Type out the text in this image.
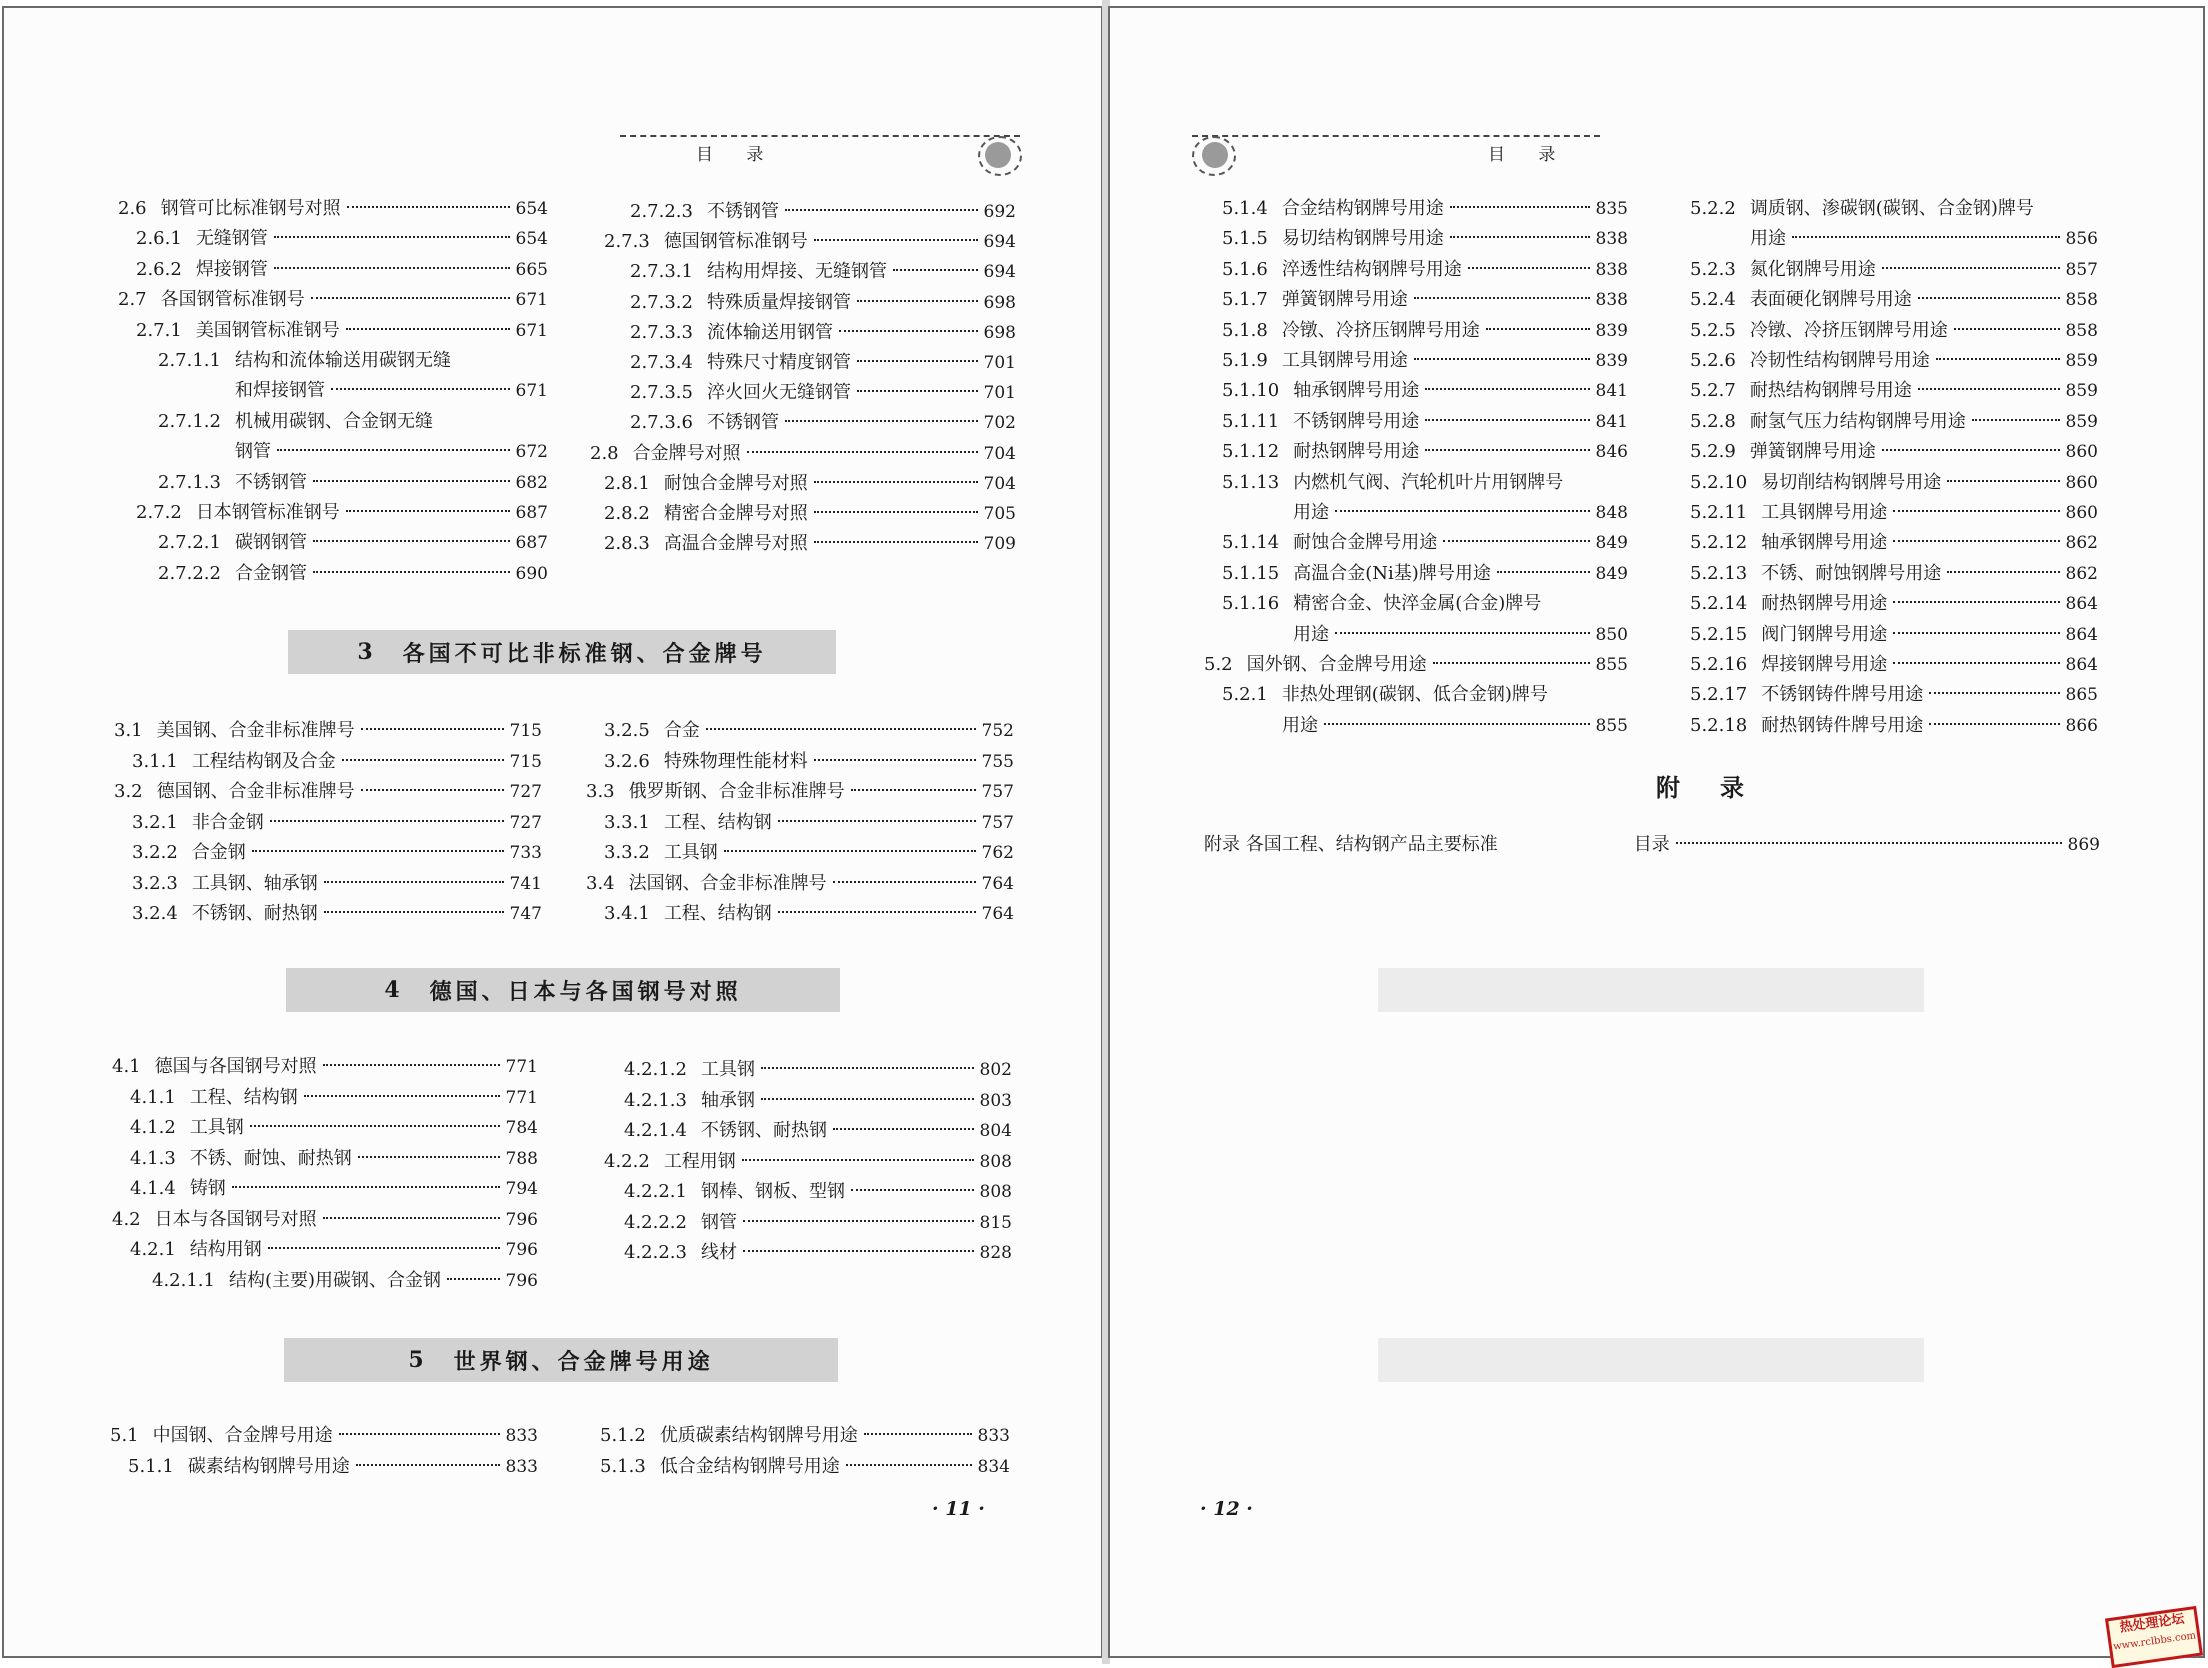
目 录	目 录
3 各国不可比非标准钢、合金牌号
4 德国、日本与各国钢号对照
5 世界钢、合金牌号用途
附录
附录 各国工程、结构钢产品主要标准	目录	869
· 11 ·	· 12 ·
热处理论坛
www.rclbbs.com
2.6 钢管可比标准钢号对照	654
2.6.1 无缝钢管	654
2.6.2 焊接钢管	665
2.7 各国钢管标准钢号	671
2.7.1 美国钢管标准钢号	671
2.7.1.1 结构和流体输送用碳钢无缝
和焊接钢管	671
2.7.1.2 机械用碳钢、合金钢无缝
钢管	672
2.7.1.3 不锈钢管	682
2.7.2 日本钢管标准钢号	687
2.7.2.1 碳钢钢管	687
2.7.2.2 合金钢管	690
2.7.2.3 不锈钢管	692
2.7.3 德国钢管标准钢号	694
2.7.3.1 结构用焊接、无缝钢管	694
2.7.3.2 特殊质量焊接钢管	698
2.7.3.3 流体输送用钢管	698
2.7.3.4 特殊尺寸精度钢管	701
2.7.3.5 淬火回火无缝钢管	701
2.7.3.6 不锈钢管	702
2.8 合金牌号对照	704
2.8.1 耐蚀合金牌号对照	704
2.8.2 精密合金牌号对照	705
2.8.3 高温合金牌号对照	709
3.1 美国钢、合金非标准牌号	715
3.1.1 工程结构钢及合金	715
3.2 德国钢、合金非标准牌号	727
3.2.1 非合金钢	727
3.2.2 合金钢	733
3.2.3 工具钢、轴承钢	741
3.2.4 不锈钢、耐热钢	747
3.2.5 合金	752
3.2.6 特殊物理性能材料	755
3.3 俄罗斯钢、合金非标准牌号	757
3.3.1 工程、结构钢	757
3.3.2 工具钢	762
3.4 法国钢、合金非标准牌号	764
3.4.1 工程、结构钢	764
4.1 德国与各国钢号对照	771
4.1.1 工程、结构钢	771
4.1.2 工具钢	784
4.1.3 不锈、耐蚀、耐热钢	788
4.1.4 铸钢	794
4.2 日本与各国钢号对照	796
4.2.1 结构用钢	796
4.2.1.1 结构(主要)用碳钢、合金钢	796
4.2.1.2 工具钢	802
4.2.1.3 轴承钢	803
4.2.1.4 不锈钢、耐热钢	804
4.2.2 工程用钢	808
4.2.2.1 钢棒、钢板、型钢	808
4.2.2.2 钢管	815
4.2.2.3 线材	828
5.1 中国钢、合金牌号用途	833
5.1.1 碳素结构钢牌号用途	833
5.1.2 优质碳素结构钢牌号用途	833
5.1.3 低合金结构钢牌号用途	834
5.1.4 合金结构钢牌号用途	835
5.1.5 易切结构钢牌号用途	838
5.1.6 淬透性结构钢牌号用途	838
5.1.7 弹簧钢牌号用途	838
5.1.8 冷镦、冷挤压钢牌号用途	839
5.1.9 工具钢牌号用途	839
5.1.10 轴承钢牌号用途	841
5.1.11 不锈钢牌号用途	841
5.1.12 耐热钢牌号用途	846
5.1.13 内燃机气阀、汽轮机叶片用钢牌号
用途	848
5.1.14 耐蚀合金牌号用途	849
5.1.15 高温合金(Ni基)牌号用途	849
5.1.16 精密合金、快淬金属(合金)牌号
用途	850
5.2 国外钢、合金牌号用途	855
5.2.1 非热处理钢(碳钢、低合金钢)牌号
用途	855
5.2.2 调质钢、渗碳钢(碳钢、合金钢)牌号
用途	856
5.2.3 氮化钢牌号用途	857
5.2.4 表面硬化钢牌号用途	858
5.2.5 冷镦、冷挤压钢牌号用途	858
5.2.6 冷韧性结构钢牌号用途	859
5.2.7 耐热结构钢牌号用途	859
5.2.8 耐氢气压力结构钢牌号用途	859
5.2.9 弹簧钢牌号用途	860
5.2.10 易切削结构钢牌号用途	860
5.2.11 工具钢牌号用途	860
5.2.12 轴承钢牌号用途	862
5.2.13 不锈、耐蚀钢牌号用途	862
5.2.14 耐热钢牌号用途	864
5.2.15 阀门钢牌号用途	864
5.2.16 焊接钢牌号用途	864
5.2.17 不锈钢铸件牌号用途	865
5.2.18 耐热钢铸件牌号用途	866
